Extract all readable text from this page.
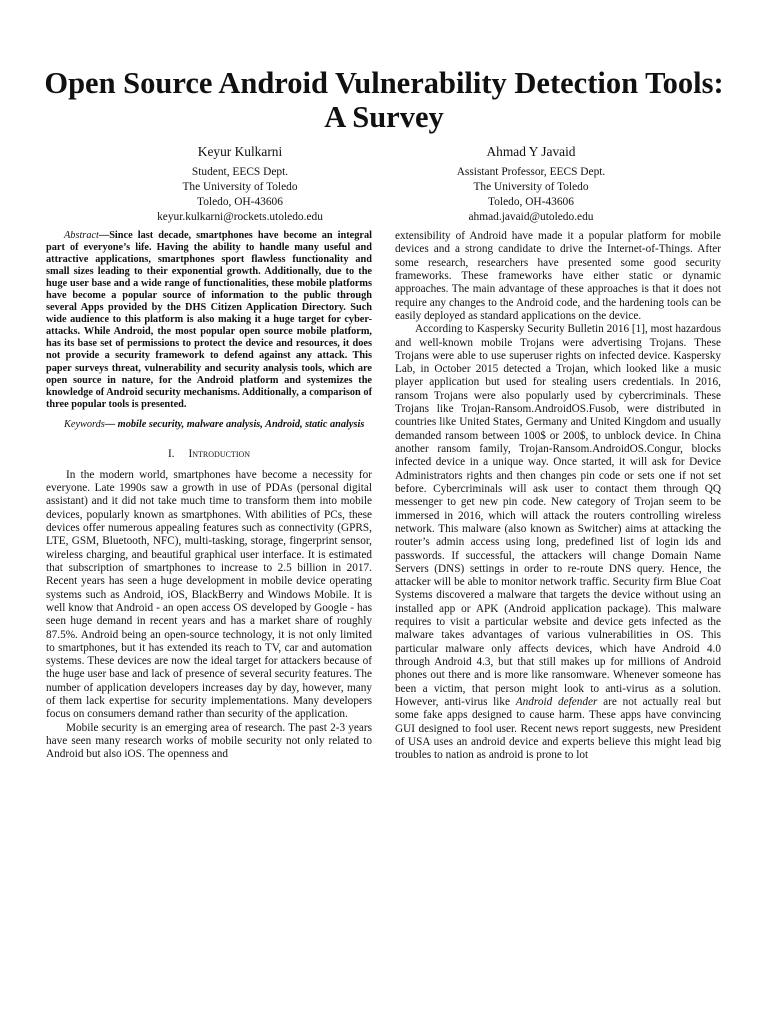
Open Source Android Vulnerability Detection Tools: A Survey
Keyur Kulkarni
Student, EECS Dept.
The University of Toledo
Toledo, OH-43606
keyur.kulkarni@rockets.utoledo.edu
Ahmad Y Javaid
Assistant Professor, EECS Dept.
The University of Toledo
Toledo, OH-43606
ahmad.javaid@utoledo.edu

Abstract—Since last decade, smartphones have become an integral part of everyone’s life. Having the ability to handle many useful and attractive applications, smartphones sport flawless functionality and small sizes leading to their exponential growth. Additionally, due to the huge user base and a wide range of functionalities, these mobile platforms have become a popular source of information to the public through several Apps provided by the DHS Citizen Application Directory. Such wide audience to this platform is also making it a huge target for cyber- attacks. While Android, the most popular open source mobile platform, has its base set of permissions to protect the device and resources, it does not provide a security framework to defend against any attack. This paper surveys threat, vulnerability and security analysis tools, which are open source in nature, for the Android platform and systemizes the knowledge of Android security mechanisms. Additionally, a comparison of three popular tools is presented.

Keywords— mobile security, malware analysis, Android, static analysis

I. Introduction

In the modern world, smartphones have become a necessity for everyone. Late 1990s saw a growth in use of PDAs (personal digital assistant) and it did not take much time to transform them into mobile devices, popularly known as smartphones. With abilities of PCs, these devices offer numerous appealing features such as connectivity (GPRS, LTE, GSM, Bluetooth, NFC), multi-tasking, storage, fingerprint sensor, wireless charging, and beautiful graphical user interface. It is estimated that subscription of smartphones to increase to 2.5 billion in 2017. Recent years has seen a huge development in mobile device operating systems such as Android, iOS, BlackBerry and Windows Mobile. It is well know that Android - an open access OS developed by Google - has seen huge demand in recent years and has a market share of roughly 87.5%. Android being an open-source technology, it is not only limited to smartphones, but it has extended its reach to TV, car and automation systems. These devices are now the ideal target for attackers because of the huge user base and lack of presence of several security features. The number of application developers increases day by day, however, many of them lack expertise for security implementations. Many developers focus on consumers demand rather than security of the application.

Mobile security is an emerging area of research. The past 2-3 years have seen many research works of mobile security not only related to Android but also iOS. The openness and

extensibility of Android have made it a popular platform for mobile devices and a strong candidate to drive the Internet-of-Things. After some research, researchers have presented some good security frameworks. These frameworks have either static or dynamic approaches. The main advantage of these approaches is that it does not require any changes to the Android code, and the hardening tools can be easily deployed as standard applications on the device.

According to Kaspersky Security Bulletin 2016 [1], most hazardous and well-known mobile Trojans were advertising Trojans. These Trojans were able to use superuser rights on infected device. Kaspersky Lab, in October 2015 detected a Trojan, which looked like a music player application but used for stealing users credentials. In 2016, ransom Trojans were also popularly used by cybercriminals. These Trojans like Trojan-Ransom.AndroidOS.Fusob, were distributed in countries like United States, Germany and United Kingdom and usually demanded ransom between 100$ or 200$, to unblock device. In China another ransom family, Trojan-Ransom.AndroidOS.Congur, blocks infected device in a unique way. Once started, it will ask for Device Administrators rights and then changes pin code or sets one if not set before. Cybercriminals will ask user to contact them through QQ messenger to get new pin code. New category of Trojan seem to be immersed in 2016, which will attack the routers controlling wireless network. This malware (also known as Switcher) aims at attacking the router’s admin access using long, predefined list of login ids and passwords. If successful, the attackers will change Domain Name Servers (DNS) settings in order to re-route DNS query. Hence, the attacker will be able to monitor network traffic. Security firm Blue Coat Systems discovered a malware that targets the device without using an installed app or APK (Android application package). This malware requires to visit a particular website and device gets infected as the malware takes advantages of various vulnerabilities in OS. This particular malware only affects devices, which have Android 4.0 through Android 4.3, but that still makes up for millions of Android phones out there and is more like ransomware. Whenever someone has been a victim, that person might look to anti-virus as a solution. However, anti-virus like Android defender are not actually real but some fake apps designed to cause harm. These apps have convincing GUI designed to fool user. Recent news report suggests, new President of USA uses an android device and experts believe this might lead big troubles to nation as android is prone to lot
